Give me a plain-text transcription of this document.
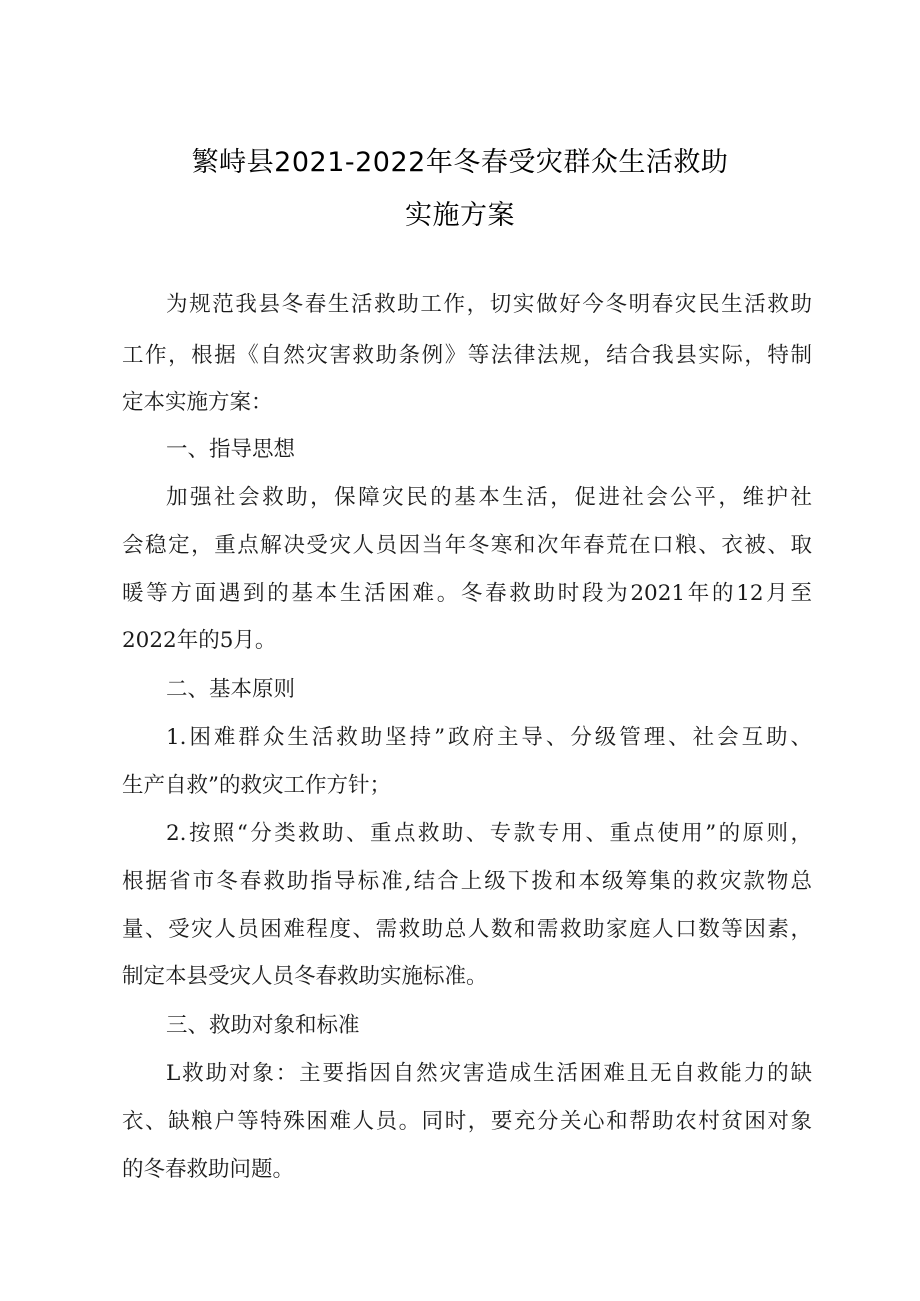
繁峙县2021-2022年冬春受灾群众生活救助
实施方案
为规范我县冬春生活救助工作，切实做好今冬明春灾民生活救助
工作，根据《自然灾害救助条例》等法律法规，结合我县实际，特制
定本实施方案：
一、指导思想
加强社会救助，保障灾民的基本生活，促进社会公平，维护社
会稳定，重点解决受灾人员因当年冬寒和次年春荒在口粮、衣被、取
暖等方面遇到的基本生活困难。冬春救助时段为2021年的12月至
2022年的5月。
二、基本原则
1.困难群众生活救助坚持”政府主导、分级管理、社会互助、
生产自救”的救灾工作方针；
2.按照“分类救助、重点救助、专款专用、重点使用”的原则，
根据省市冬春救助指导标准,结合上级下拨和本级筹集的救灾款物总
量、受灾人员困难程度、需救助总人数和需救助家庭人口数等因素，
制定本县受灾人员冬春救助实施标准。
三、救助对象和标准
L救助对象：主要指因自然灾害造成生活困难且无自救能力的缺
衣、缺粮户等特殊困难人员。同时，要充分关心和帮助农村贫困对象
的冬春救助问题。
